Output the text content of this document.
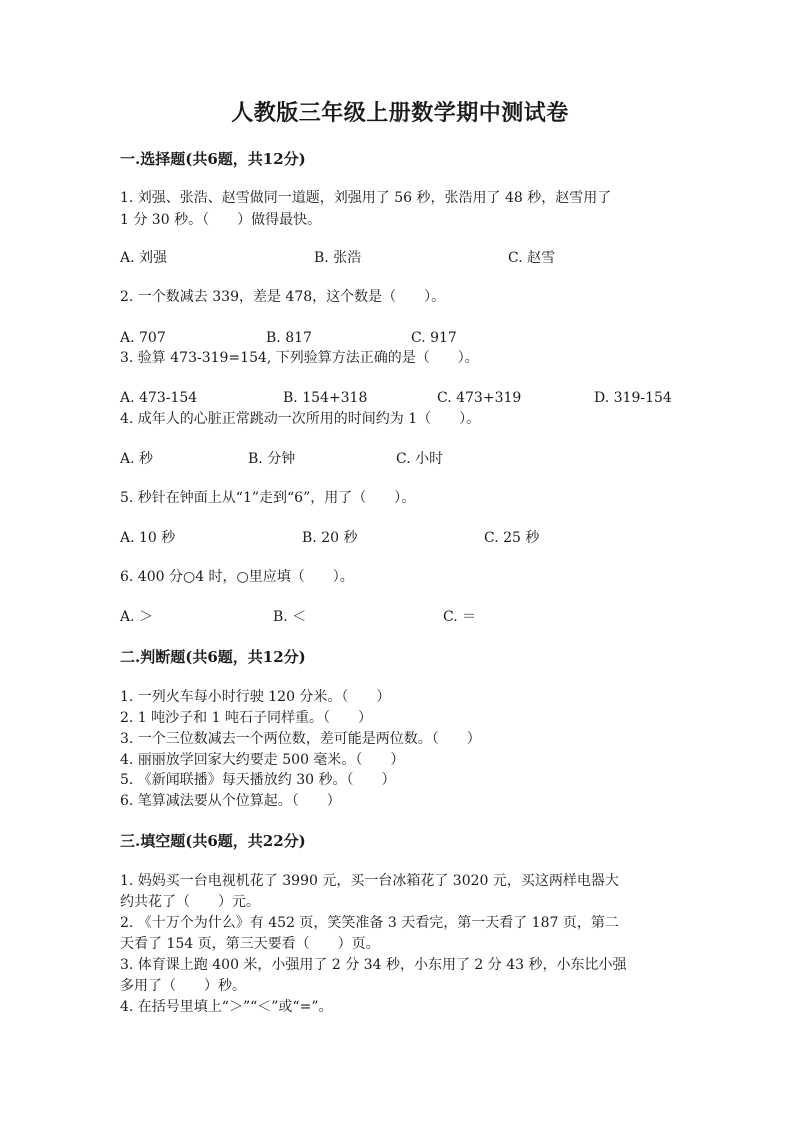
人教版三年级上册数学期中测试卷
一.选择题(共6题，共12分)
1. 刘强、张浩、赵雪做同一道题，刘强用了 56 秒，张浩用了 48 秒，赵雪用了
1 分 30 秒。（　　）做得最快。
A. 刘强	B. 张浩	C. 赵雪
2. 一个数减去 339，差是 478，这个数是（　　）。
A. 707	B. 817	C. 917
3. 验算 473-319=154, 下列验算方法正确的是（　　）。
A. 473-154	B. 154+318	C. 473+319	D. 319-154
4. 成年人的心脏正常跳动一次所用的时间约为 1（　　）。
A. 秒	B. 分钟	C. 小时
5. 秒针在钟面上从“1”走到“6”，用了（　　）。
A. 10 秒	B. 20 秒	C. 25 秒
6. 400 分○4 时，○里应填（　　）。
A. ＞	B. ＜	C. ＝
二.判断题(共6题，共12分)
1. 一列火车每小时行驶 120 分米。（　　）
2. 1 吨沙子和 1 吨石子同样重。（　　）
3. 一个三位数减去一个两位数，差可能是两位数。（　　）
4. 丽丽放学回家大约要走 500 毫米。（　　）
5. 《新闻联播》每天播放约 30 秒。（　　）
6. 笔算减法要从个位算起。（　　）
三.填空题(共6题，共22分)
1. 妈妈买一台电视机花了 3990 元，买一台冰箱花了 3020 元，买这两样电器大
约共花了（　　）元。
2. 《十万个为什么》有 452 页，笑笑准备 3 天看完，第一天看了 187 页，第二
天看了 154 页，第三天要看（　　）页。
3. 体育课上跑 400 米，小强用了 2 分 34 秒，小东用了 2 分 43 秒，小东比小强
多用了（　　）秒。
4. 在括号里填上“＞”“＜”或“=”。
